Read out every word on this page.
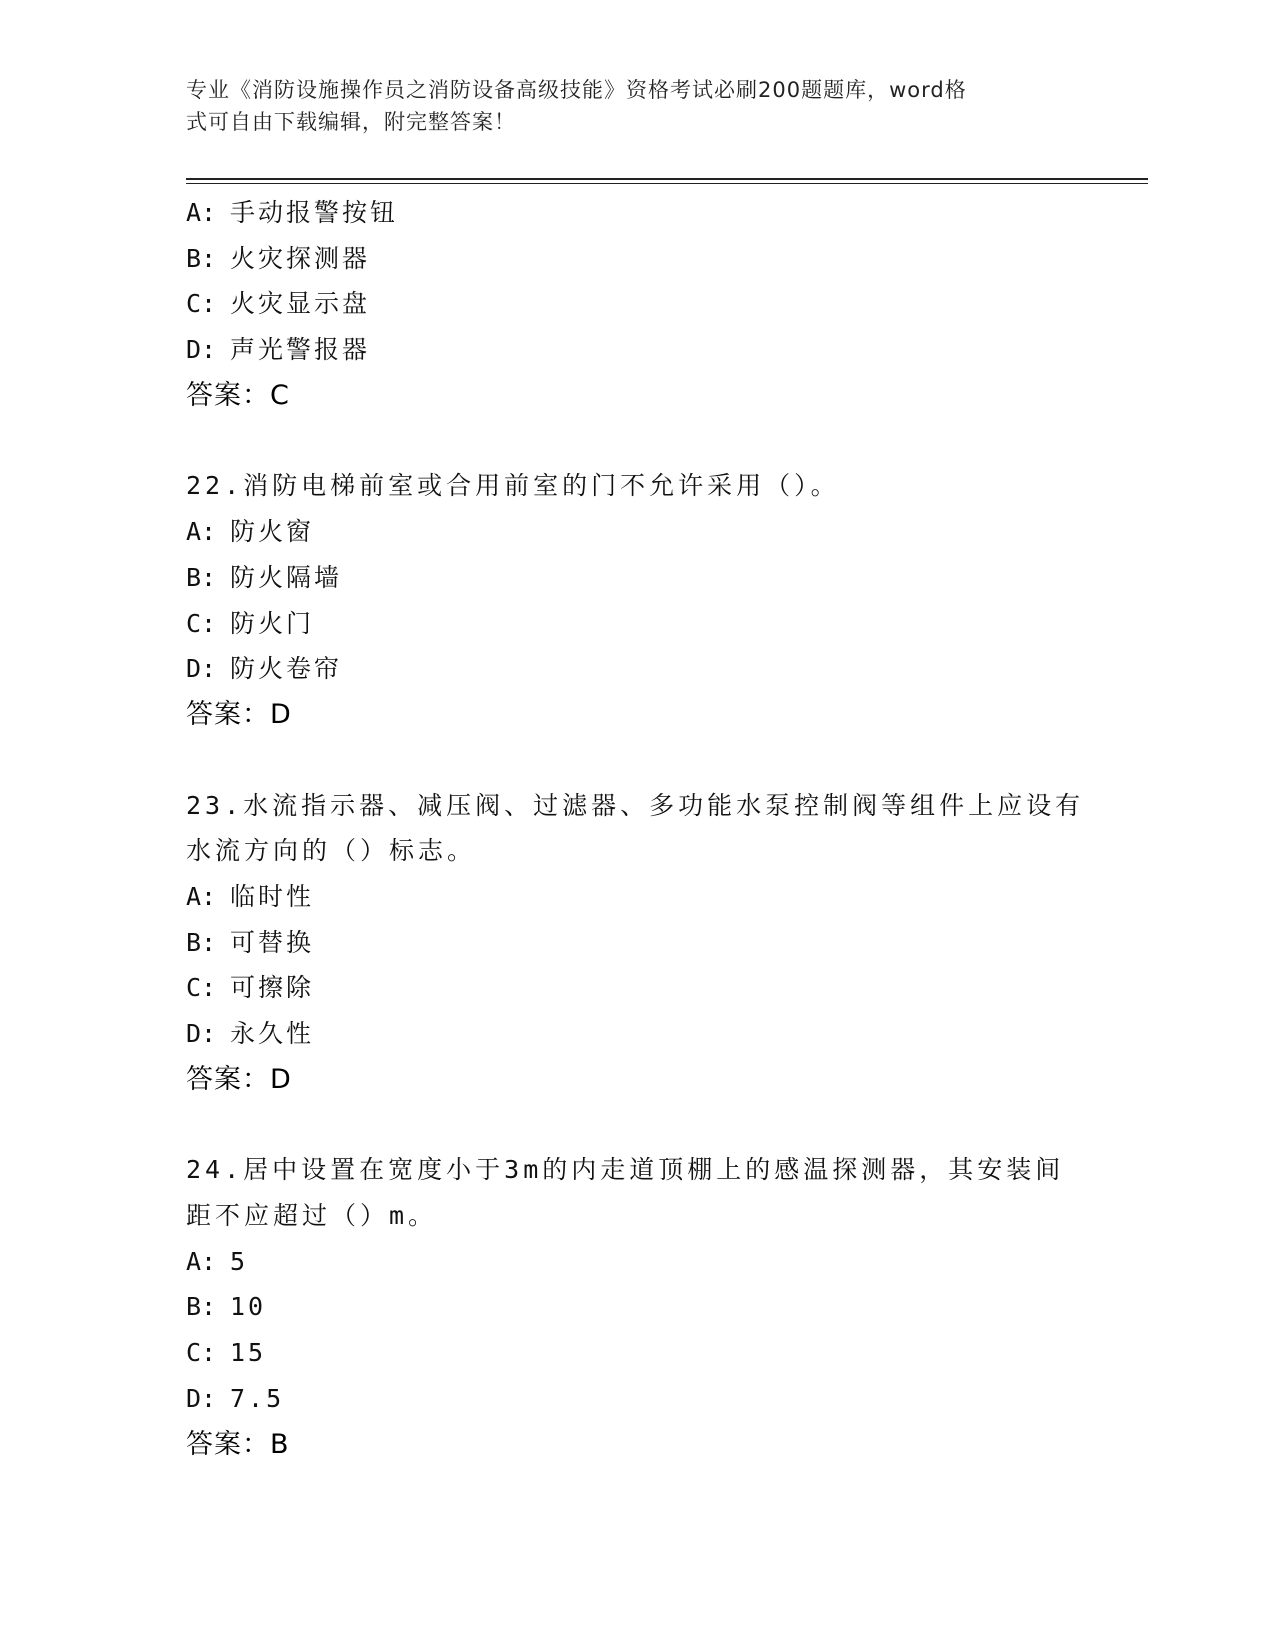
专业《消防设施操作员之消防设备高级技能》资格考试必刷200题题库，word格
式可自由下载编辑，附完整答案！
A: 手动报警按钮
B: 火灾探测器
C: 火灾显示盘
D: 声光警报器
答案：C
22.消防电梯前室或合用前室的门不允许采用（）。
A: 防火窗
B: 防火隔墙
C: 防火门
D: 防火卷帘
答案：D
23.水流指示器、减压阀、过滤器、多功能水泵控制阀等组件上应设有
水流方向的（）标志。
A: 临时性
B: 可替换
C: 可擦除
D: 永久性
答案：D
24.居中设置在宽度小于3m的内走道顶棚上的感温探测器，其安装间
距不应超过（）m。
A: 5
B: 10
C: 15
D: 7.5
答案：B
